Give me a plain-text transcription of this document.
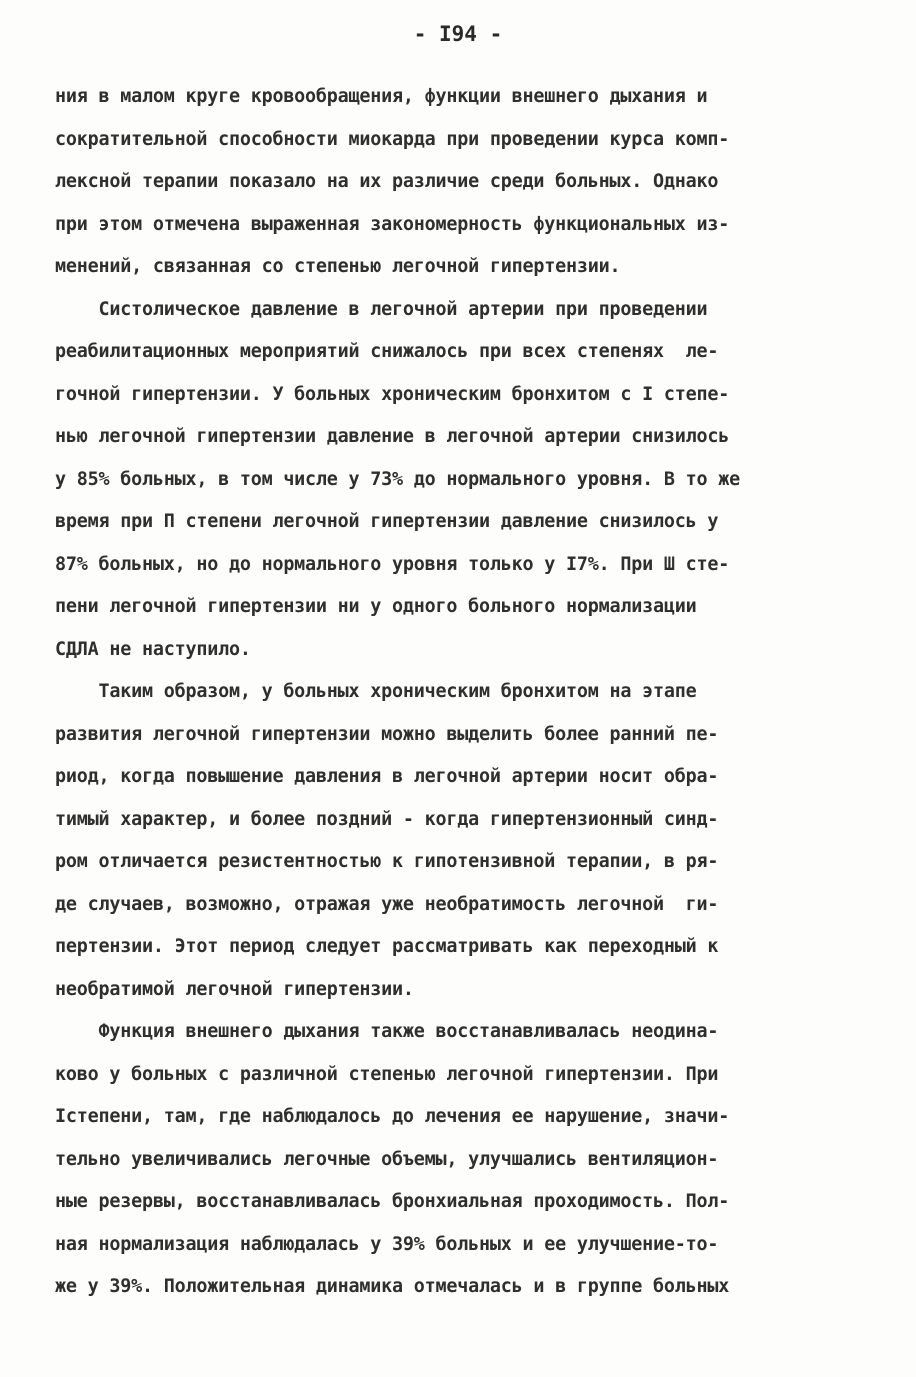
- I94 -
ния в малом круге кровообращения, функции внешнего дыхания и
сократительной способности миокарда при проведении курса комп-
лексной терапии показало на их различие среди больных. Однако
при этом отмечена выраженная закономерность функциональных из-
менений, связанная со степенью легочной гипертензии.
Систолическое давление в легочной артерии при проведении
реабилитационных мероприятий снижалось при всех степенях  ле-
гочной гипертензии. У больных хроническим бронхитом с I степе-
нью легочной гипертензии давление в легочной артерии снизилось
у 85% больных, в том числе у 73% до нормального уровня. В то же
время при П степени легочной гипертензии давление снизилось у
87% больных, но до нормального уровня только у I7%. При Ш сте-
пени легочной гипертензии ни у одного больного нормализации
СДЛА не наступило.
Таким образом, у больных хроническим бронхитом на этапе
развития легочной гипертензии можно выделить более ранний пе-
риод, когда повышение давления в легочной артерии носит обра-
тимый характер, и более поздний - когда гипертензионный синд-
ром отличается резистентностью к гипотензивной терапии, в ря-
де случаев, возможно, отражая уже необратимость легочной  ги-
пертензии. Этот период следует рассматривать как переходный к
необратимой легочной гипертензии.
Функция внешнего дыхания также восстанавливалась неодина-
ково у больных с различной степенью легочной гипертензии. При
Iстепени, там, где наблюдалось до лечения ее нарушение, значи-
тельно увеличивались легочные объемы, улучшались вентиляцион-
ные резервы, восстанавливалась бронхиальная проходимость. Пол-
ная нормализация наблюдалась у 39% больных и ее улучшение-то-
же у 39%. Положительная динамика отмечалась и в группе больных
